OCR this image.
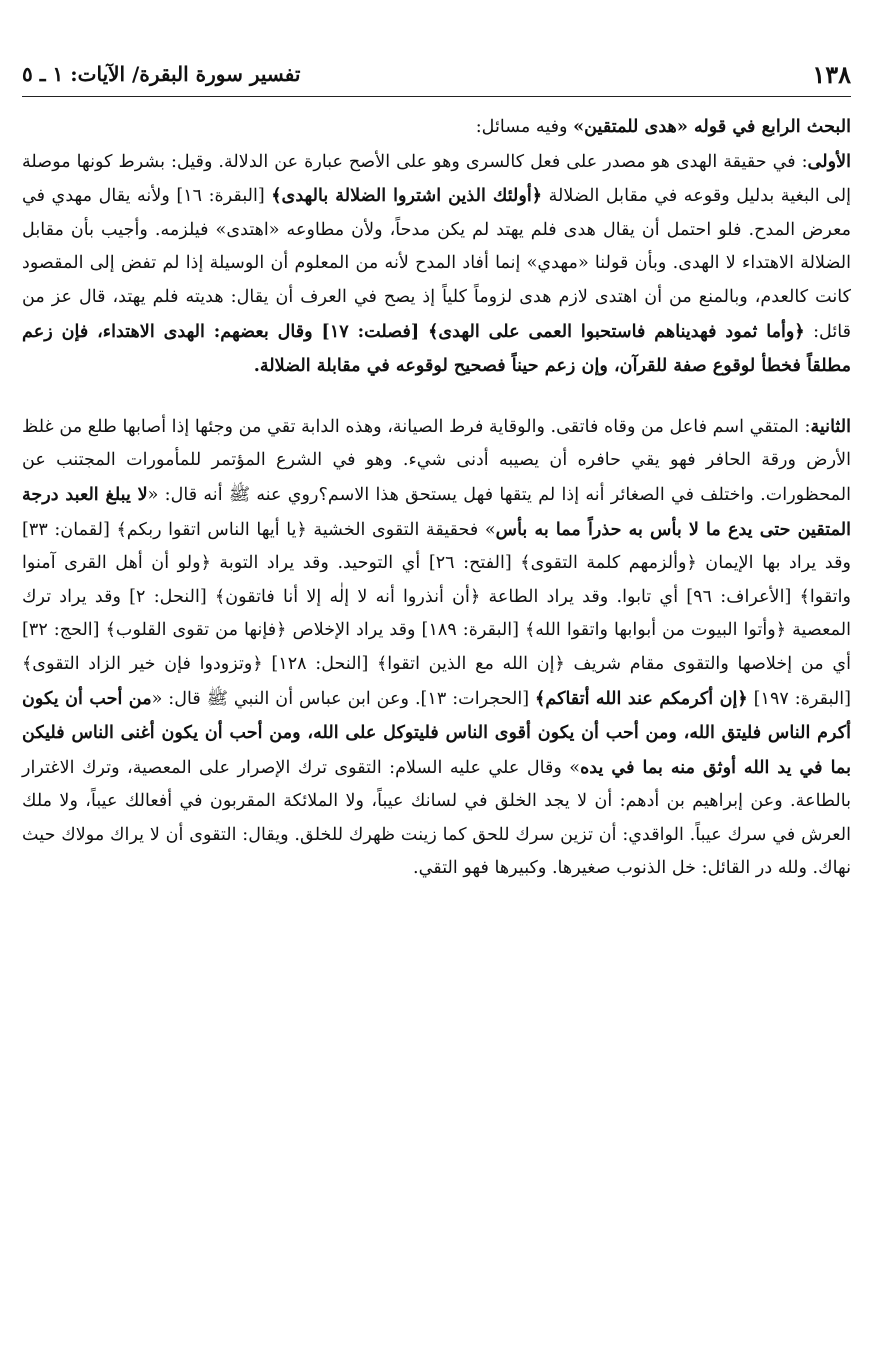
١٣٨
تفسير سورة البقرة/ الآيات: ١ ـ ٥

البحث الرابع في قوله «هدى للمتقين» وفيه مسائل:

الأولى: في حقيقة الهدى هو مصدر على فعل كالسرى وهو على الأصح عبارة عن الدلالة. وقيل: بشرط كونها موصلة إلى البغية بدليل وقوعه في مقابل الضلالة ﴿أولئك الذين اشتروا الضلالة بالهدى﴾ [البقرة: ١٦] ولأنه يقال مهدي في معرض المدح. فلو احتمل أن يقال هدى فلم يهتد لم يكن مدحاً، ولأن مطاوعه «اهتدى» فيلزمه. وأجيب بأن مقابل الضلالة الاهتداء لا الهدى. وبأن قولنا «مهدي» إنما أفاد المدح لأنه من المعلوم أن الوسيلة إذا لم تفض إلى المقصود كانت كالعدم، وبالمنع من أن اهتدى لازم هدى لزوماً كلياً إذ يصح في العرف أن يقال: هديته فلم يهتد، قال عز من قائل: ﴿وأما ثمود فهديناهم فاستحبوا العمى على الهدى﴾ [فصلت: ١٧] وقال بعضهم: الهدى الاهتداء، فإن زعم مطلقاً فخطأ لوقوع صفة للقرآن، وإن زعم حيناً فصحيح لوقوعه في مقابلة الضلالة.

الثانية: المتقي اسم فاعل من وقاه فاتقى. والوقاية فرط الصيانة، وهذه الدابة تقي من وجئها إذا أصابها طلع من غلظ الأرض ورقة الحافر فهو يقي حافره أن يصيبه أدنى شيء. وهو في الشرع المؤتمر للمأمورات المجتنب عن المحظورات. واختلف في الصغائر أنه إذا لم يتقها فهل يستحق هذا الاسم؟روي عنه ﷺ أنه قال: «لا يبلغ العبد درجة المتقين حتى يدع ما لا بأس به حذراً مما به بأس» فحقيقة التقوى الخشية ﴿يا أيها الناس اتقوا ربكم﴾ [لقمان: ٣٣] وقد يراد بها الإيمان ﴿وألزمهم كلمة التقوى﴾ [الفتح: ٢٦] أي التوحيد. وقد يراد التوبة ﴿ولو أن أهل القرى آمنوا واتقوا﴾ [الأعراف: ٩٦] أي تابوا. وقد يراد الطاعة ﴿أن أنذروا أنه لا إلٰه إلا أنا فاتقون﴾ [النحل: ٢] وقد يراد ترك المعصية ﴿وأتوا البيوت من أبوابها واتقوا الله﴾ [البقرة: ١٨٩] وقد يراد الإخلاص ﴿فإنها من تقوى القلوب﴾ [الحج: ٣٢] أي من إخلاصها والتقوى مقام شريف ﴿إن الله مع الذين اتقوا﴾ [النحل: ١٢٨] ﴿وتزودوا فإن خير الزاد التقوى﴾ [البقرة: ١٩٧] ﴿إن أكرمكم عند الله أتقاكم﴾ [الحجرات: ١٣]. وعن ابن عباس أن النبي ﷺ قال: «من أحب أن يكون أكرم الناس فليتق الله، ومن أحب أن يكون أقوى الناس فليتوكل على الله، ومن أحب أن يكون أغنى الناس فليكن بما في يد الله أوثق منه بما في يده» وقال علي عليه السلام: التقوى ترك الإصرار على المعصية، وترك الاغترار بالطاعة. وعن إبراهيم بن أدهم: أن لا يجد الخلق في لسانك عيباً، ولا الملائكة المقربون في أفعالك عيباً، ولا ملك العرش في سرك عيباً. الواقدي: أن تزين سرك للحق كما زينت ظهرك للخلق. ويقال: التقوى أن لا يراك مولاك حيث نهاك. ولله در القائل: خل الذنوب صغيرها. وكبيرها فهو التقي.
